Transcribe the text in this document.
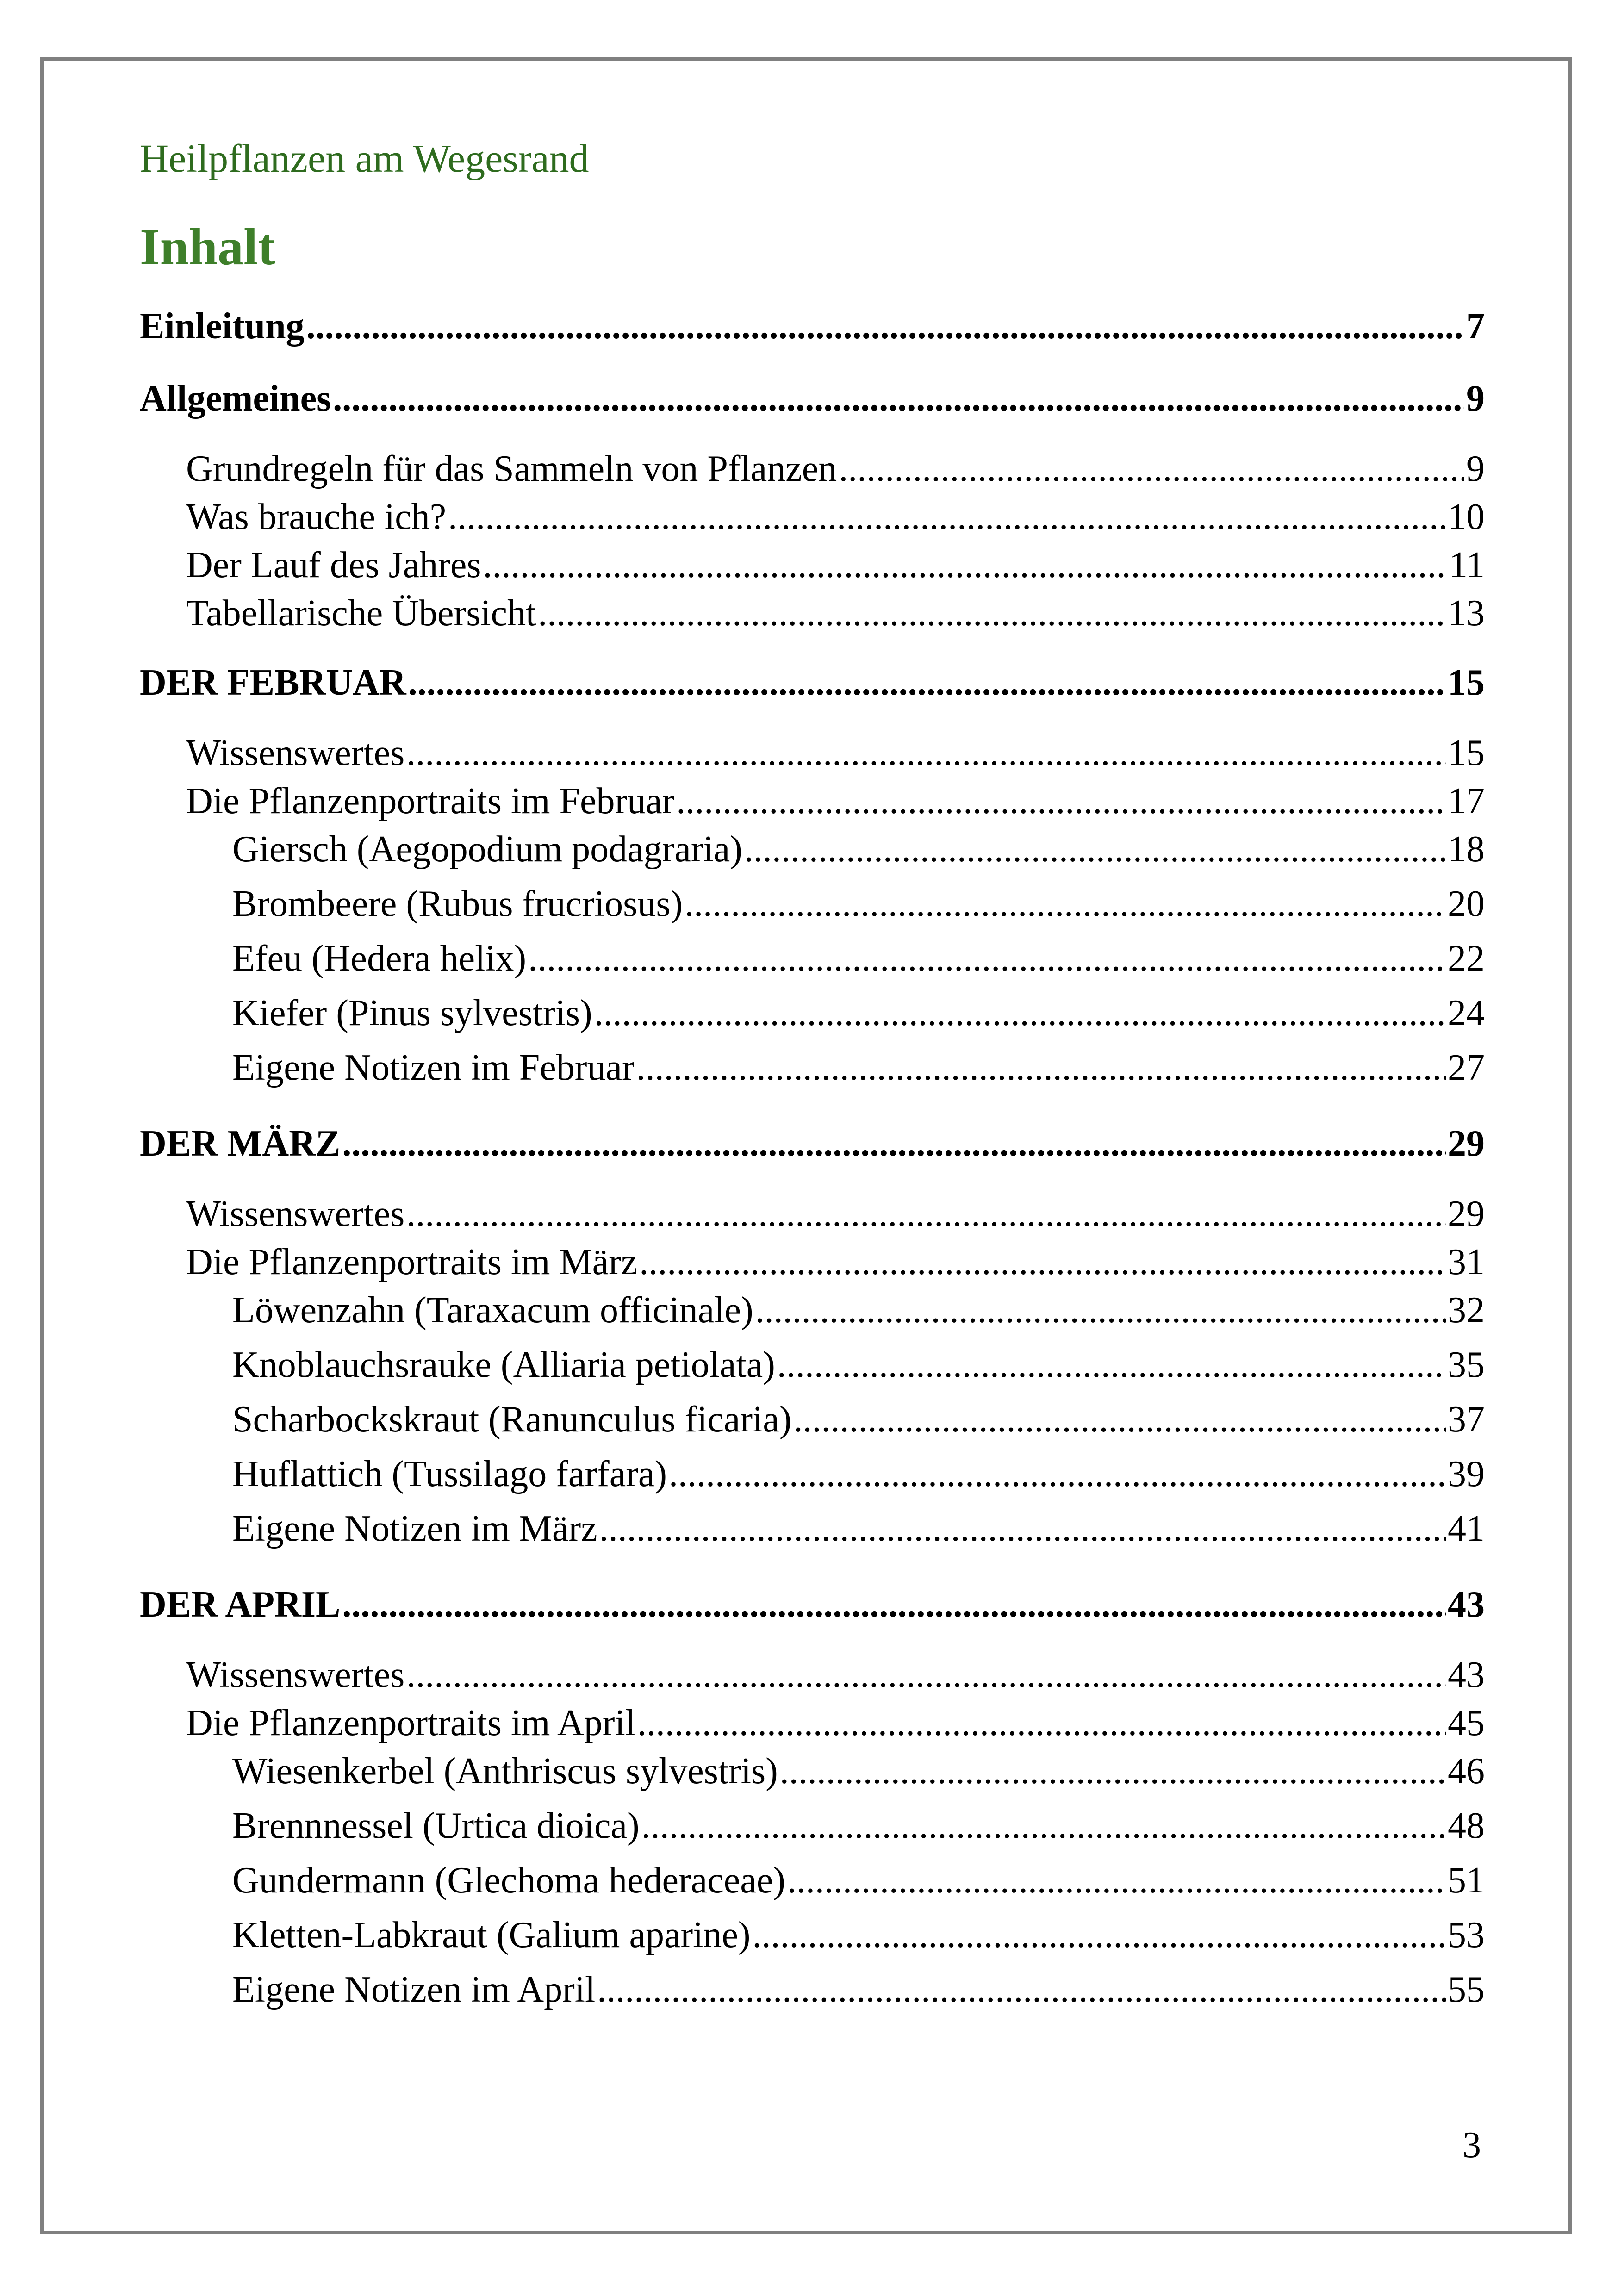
Heilpflanzen am Wegesrand
Inhalt
Einleitung .....	7
Allgemeines .....	9
Grundregeln für das Sammeln von Pflanzen .....	9
Was brauche ich? .....	10
Der Lauf des Jahres .....	11
Tabellarische Übersicht .....	13
DER FEBRUAR .....	15
Wissenswertes .....	15
Die Pflanzenportraits im Februar .....	17
Giersch (Aegopodium podagraria) .....	18
Brombeere (Rubus frucriosus) .....	20
Efeu (Hedera helix) .....	22
Kiefer (Pinus sylvestris) .....	24
Eigene Notizen im Februar .....	27
DER MÄRZ .....	29
Wissenswertes .....	29
Die Pflanzenportraits im März .....	31
Löwenzahn (Taraxacum officinale) .....	32
Knoblauchsrauke (Alliaria petiolata) .....	35
Scharbockskraut (Ranunculus ficaria) .....	37
Huflattich (Tussilago farfara) .....	39
Eigene Notizen im März .....	41
DER APRIL .....	43
Wissenswertes .....	43
Die Pflanzenportraits im April .....	45
Wiesenkerbel (Anthriscus sylvestris) .....	46
Brennnessel (Urtica dioica) .....	48
Gundermann (Glechoma hederaceae) .....	51
Kletten-Labkraut (Galium aparine) .....	53
Eigene Notizen im April .....	55
3
